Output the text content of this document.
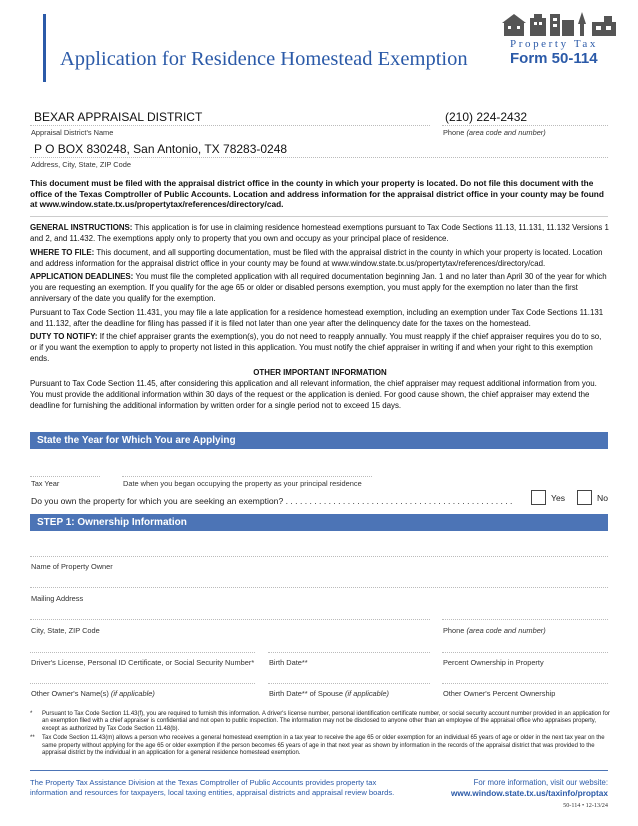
Application for Residence Homestead Exemption
Property Tax
Form 50-114
BEXAR APPRAISAL DISTRICT	(210) 224-2432
Appraisal District's Name	Phone (area code and number)
P O BOX 830248, San Antonio, TX 78283-0248
Address, City, State, ZIP Code
This document must be filed with the appraisal district office in the county in which your property is located. Do not file this document with the office of the Texas Comptroller of Public Accounts. Location and address information for the appraisal district office in your county may be found at www.window.state.tx.us/propertytax/references/directory/cad.

GENERAL INSTRUCTIONS: This application is for use in claiming residence homestead exemptions pursuant to Tax Code Sections 11.13, 11.131, 11.132 Versions 1 and 2, and 11.432. The exemptions apply only to property that you own and occupy as your principal place of residence.

WHERE TO FILE: This document, and all supporting documentation, must be filed with the appraisal district in the county in which your property is located. Location and address information for the appraisal district office in your county may be found at www.window.state.tx.us/propertytax/references/directory/cad.

APPLICATION DEADLINES: You must file the completed application with all required documentation beginning Jan. 1 and no later than April 30 of the year for which you are requesting an exemption. If you qualify for the age 65 or older or disabled persons exemption, you must apply for the exemption no later than the first anniversary of the date you qualify for the exemption.

Pursuant to Tax Code Section 11.431, you may file a late application for a residence homestead exemption, including an exemption under Tax Code Sections 11.131 and 11.132, after the deadline for filing has passed if it is filed not later than one year after the delinquency date for the taxes on the homestead.

DUTY TO NOTIFY: If the chief appraiser grants the exemption(s), you do not need to reapply annually. You must reapply if the chief appraiser requires you do to so, or if you want the exemption to apply to property not listed in this application. You must notify the chief appraiser in writing if and when your right to this exemption ends.

OTHER IMPORTANT INFORMATION

Pursuant to Tax Code Section 11.45, after considering this application and all relevant information, the chief appraiser may request additional information from you. You must provide the additional information within 30 days of the request or the application is denied. For good cause shown, the chief appraiser may extend the deadline for furnishing the additional information by written order for a single period not to exceed 15 days.

State the Year for Which You are Applying
Tax Year	Date when you began occupying the property as your principal residence
Do you own the property for which you are seeking an exemption? . . . . . . . . . . . . . . . . . . . . . . . . . . . . . . . . . . . . . . . . . . . . . . . .	Yes	No
STEP 1: Ownership Information
Name of Property Owner
Mailing Address
City, State, ZIP Code	Phone (area code and number)
Driver's License, Personal ID Certificate, or Social Security Number* Birth Date**	Percent Ownership in Property
Other Owner's Name(s) (if applicable)	Birth Date** of Spouse (if applicable)	Other Owner's Percent Ownership
*	Pursuant to Tax Code Section 11.43(f), you are required to furnish this information. A driver's license number, personal identification certificate number, or social security account number provided in an application for an exemption filed with a chief appraiser is confidential and not open to public inspection. The information may not be disclosed to anyone other than an employee of the appraisal office who appraises property, except as authorized by Tax Code Section 11.48(b).
**	Tax Code Section 11.43(m) allows a person who receives a general homestead exemption in a tax year to receive the age 65 or older exemption for an individual 65 years of age or older in the next tax year on the same property without applying for the age 65 or older exemption if the person becomes 65 years of age in that next year as shown by information in the records of the appraisal district that was provided to the appraisal district by the individual in an application for a general residence homestead exemption.
The Property Tax Assistance Division at the Texas Comptroller of Public Accounts provides property tax information and resources for taxpayers, local taxing entities, appraisal districts and appraisal review boards.
For more information, visit our website:
www.window.state.tx.us/taxinfo/proptax
50-114 • 12-13/24
